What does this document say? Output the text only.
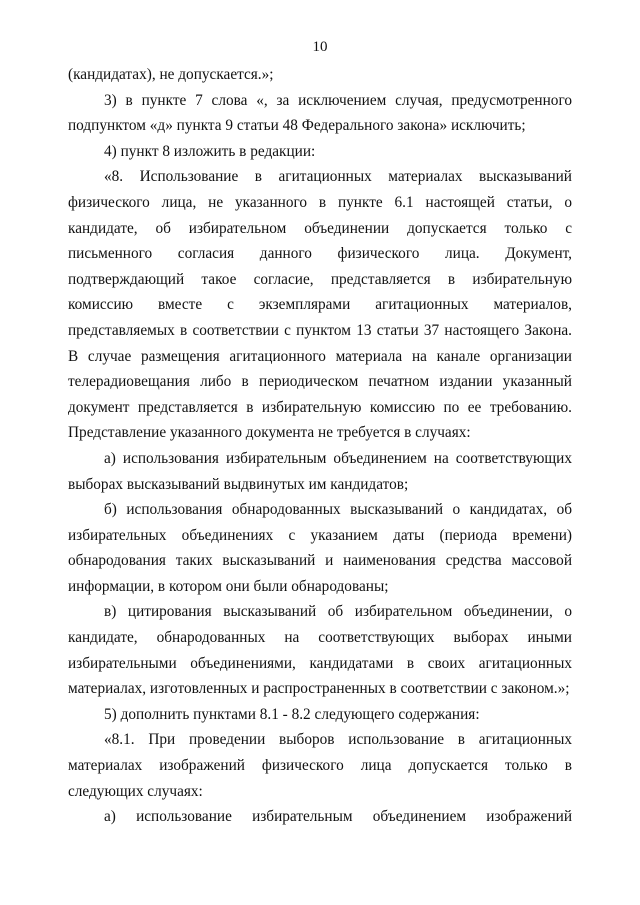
10

(кандидатах), не допускается.»;

3) в пункте 7 слова «, за исключением случая, предусмотренного подпунктом «д» пункта 9 статьи 48 Федерального закона» исключить;

4) пункт 8 изложить в редакции:

«8. Использование в агитационных материалах высказываний физического лица, не указанного в пункте 6.1 настоящей статьи, о кандидате, об избирательном объединении допускается только с письменного согласия данного физического лица. Документ, подтверждающий такое согласие, представляется в избирательную комиссию вместе с экземплярами агитационных материалов, представляемых в соответствии с пунктом 13 статьи 37 настоящего Закона. В случае размещения агитационного материала на канале организации телерадиовещания либо в периодическом печатном издании указанный документ представляется в избирательную комиссию по ее требованию. Представление указанного документа не требуется в случаях:

а) использования избирательным объединением на соответствующих выборах высказываний выдвинутых им кандидатов;

б) использования обнародованных высказываний о кандидатах, об избирательных объединениях с указанием даты (периода времени) обнародования таких высказываний и наименования средства массовой информации, в котором они были обнародованы;

в) цитирования высказываний об избирательном объединении, о кандидате, обнародованных на соответствующих выборах иными избирательными объединениями, кандидатами в своих агитационных материалах, изготовленных и распространенных в соответствии с законом.»;

5) дополнить пунктами 8.1 - 8.2 следующего содержания:

«8.1. При проведении выборов использование в агитационных материалах изображений физического лица допускается только в следующих случаях:

а) использование избирательным объединением изображений
